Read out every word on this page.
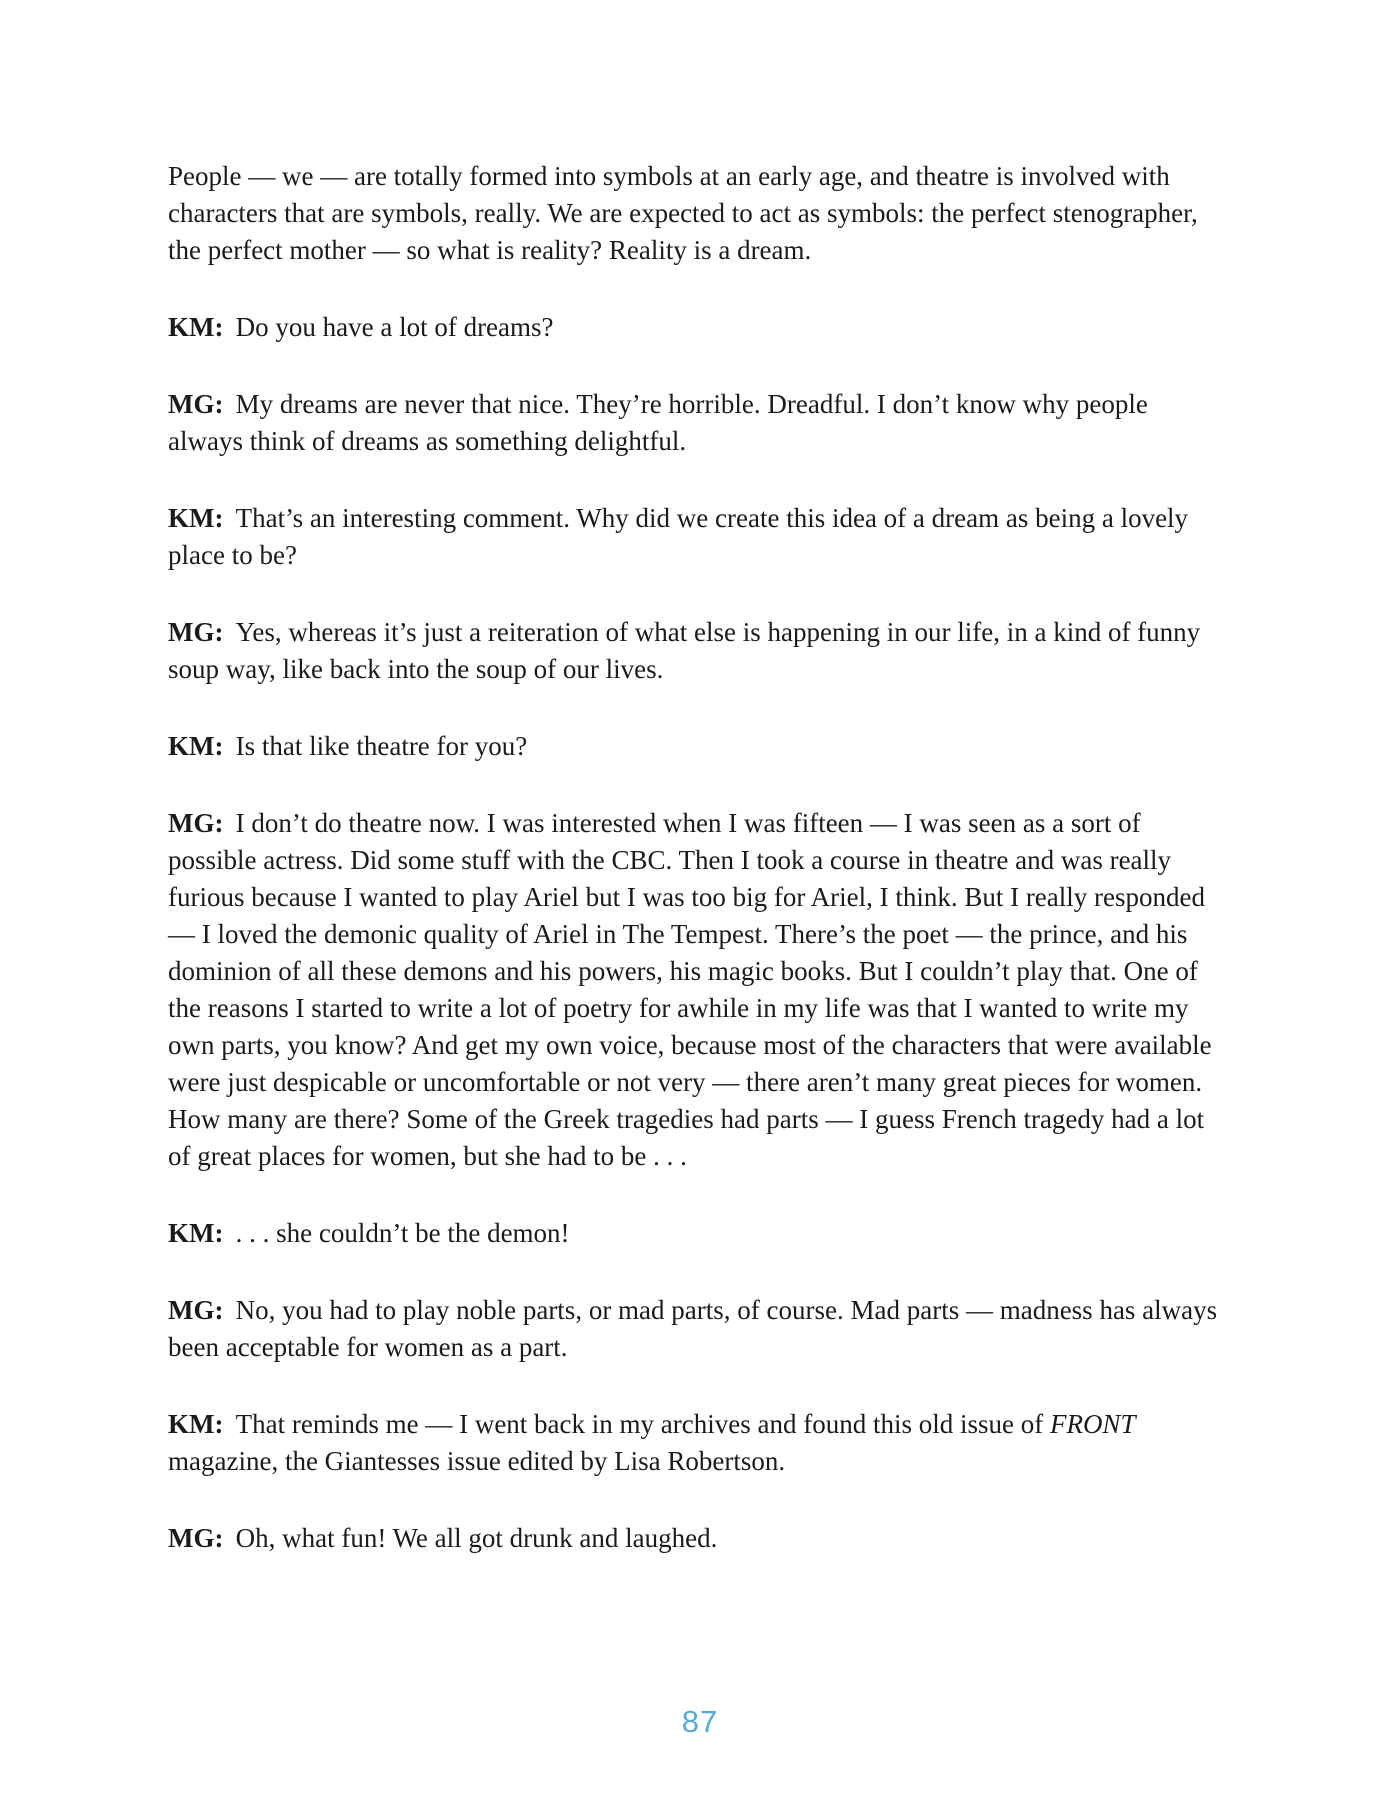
People — we — are totally formed into symbols at an early age, and theatre is involved with characters that are symbols, really. We are expected to act as symbols: the perfect stenographer, the perfect mother — so what is reality? Reality is a dream.

KM: Do you have a lot of dreams?

MG: My dreams are never that nice. They’re horrible. Dreadful. I don’t know why people always think of dreams as something delightful.

KM: That’s an interesting comment. Why did we create this idea of a dream as being a lovely place to be?

MG: Yes, whereas it’s just a reiteration of what else is happening in our life, in a kind of funny soup way, like back into the soup of our lives.

KM: Is that like theatre for you?

MG: I don’t do theatre now. I was interested when I was fifteen — I was seen as a sort of possible actress. Did some stuff with the CBC. Then I took a course in theatre and was really furious because I wanted to play Ariel but I was too big for Ariel, I think. But I really responded — I loved the demonic quality of Ariel in The Tempest. There’s the poet — the prince, and his dominion of all these demons and his powers, his magic books. But I couldn’t play that. One of the reasons I started to write a lot of poetry for awhile in my life was that I wanted to write my own parts, you know? And get my own voice, because most of the characters that were available were just despicable or uncomfortable or not very — there aren’t many great pieces for women. How many are there? Some of the Greek tragedies had parts — I guess French tragedy had a lot of great places for women, but she had to be . . .

KM: . . . she couldn’t be the demon!

MG: No, you had to play noble parts, or mad parts, of course. Mad parts — madness has always been acceptable for women as a part.

KM: That reminds me — I went back in my archives and found this old issue of FRONT magazine, the Giantesses issue edited by Lisa Robertson.

MG: Oh, what fun! We all got drunk and laughed.

87
